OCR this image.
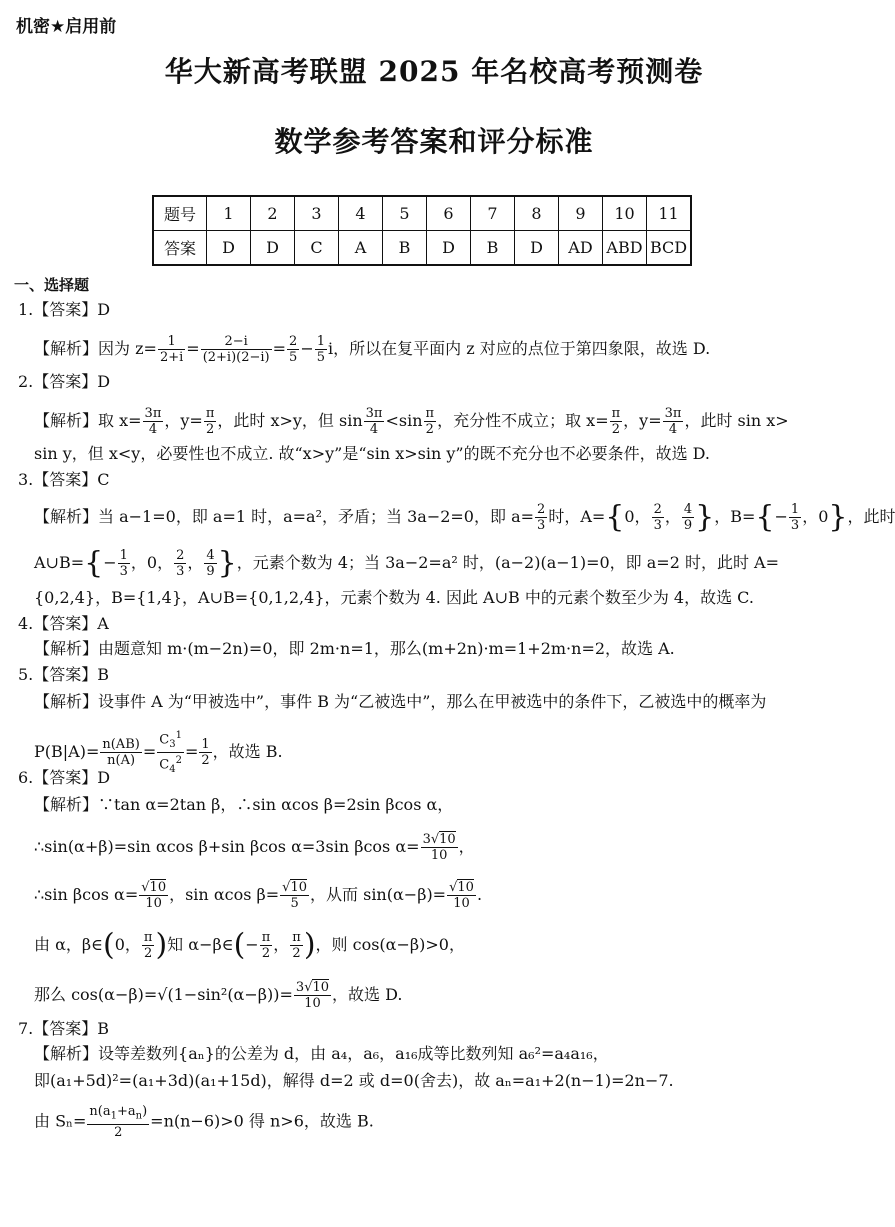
机密★启用前
华大新高考联盟 2025 年名校高考预测卷
数学参考答案和评分标准
题号	1	2	3	4	5	6	7	8	9	10	11
答案	D	D	C	A	B	D	B	D	AD	ABD	BCD
一、选择题
1.【答案】D
【解析】因为 $z= \frac{1}{2+i} = \frac{2-i}{(2+i)(2-i)} = \frac{2}{5} - \frac{1}{5}$ i，所以在复平面内 z 对应的点位于第四象限，故选 D.
2.【答案】D
【解析】取 $x= \frac{3\pi}{4}$ ，$y= \frac{\pi}{2}$ ，此时 x>y，但 $\sin \frac{3\pi}{4} <\sin \frac{\pi}{2}$ ，充分性不成立；取 $x= \frac{\pi}{2}$ ，$y= \frac{3\pi}{4}$ ，此时 sin x>
sin y，但 x<y，必要性也不成立. 故“x>y”是“sin x>sin y”的既不充分也不必要条件，故选 D.
3.【答案】C
【解析】当 a−1=0，即 a=1 时，a=a²，矛盾；当 3a−2=0，即 $a= \frac{2}{3}$ 时，A={0， $\frac{2}{3}$ ， $\frac{4}{9}$ }，$B=\{- \frac{1}{3}$ ，0}，此时
A∪B={− $\frac{1}{3}$ ，0， $\frac{2}{3}$ ， $\frac{4}{9}$ }，元素个数为 4；当 3a−2=a² 时，(a−2)(a−1)=0，即 a=2 时，此时 A=
{0,2,4}，B={1,4}，A∪B={0,1,2,4}，元素个数为 4. 因此 A∪B 中的元素个数至少为 4，故选 C.
4.【答案】A
【解析】由题意知 m·(m−2n)=0，即 2m·n=1，那么(m+2n)·m=1+2m·n=2，故选 A.
5.【答案】B
【解析】设事件 A 为“甲被选中”，事件 B 为“乙被选中”，那么在甲被选中的条件下，乙被选中的概率为
$P(B|A)= \frac{n(AB)}{n(A)} = \frac{C_3^1}{C_4^2} = \frac{1}{2}$ ，故选 B.
6.【答案】D
【解析】∵tan α=2tan β，∴sin αcos β=2sin βcos α，
∴sin(α+β)=sin αcos β+sin βcos α=3sin βcos $\alpha= \frac{3√10}{10}$ ，
∴sin βcos $\alpha= \frac{√10}{10}$ ，sin αcos $\beta= \frac{√10}{5}$ ，从而 $\sin(\alpha-\beta)= \frac{√10}{10}$ .
由 α，β∈(0， $\frac{\pi}{2}$ )知 α−β∈(− $\frac{\pi}{2}$ ， $\frac{\pi}{2}$ )，则 cos(α−β)>0，
那么 $\cos(\alpha-\beta)=√(1-\sin^2(\alpha-\beta))= \frac{3√10}{10}$ ，故选 D.
7.【答案】B
【解析】设等差数列{aₙ}的公差为 d，由 a₄，a₆，a₁₆成等比数列知 a₆²=a₄a₁₆，
即(a₁+5d)²=(a₁+3d)(a₁+15d)，解得 d=2 或 d=0(舍去)，故 aₙ=a₁+2(n−1)=2n−7.
由 $S_n= \frac{n(a_1+a_n)}{2} =n(n-6)>0$ 得 n>6，故选 B.
